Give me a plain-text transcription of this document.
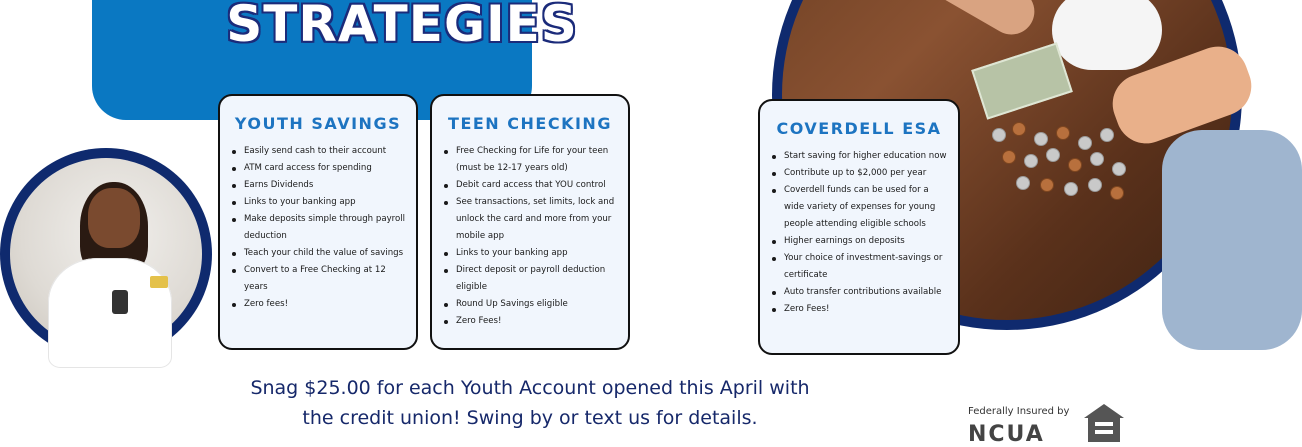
STRATEGIES
YOUTH SAVINGS
Easily send cash to their account
ATM card access for spending
Earns Dividends
Links to your banking app
Make deposits simple through payroll deduction
Teach your child the value of savings
Convert to a Free Checking at 12 years
Zero fees!
TEEN CHECKING
Free Checking for Life for your teen (must be 12-17 years old)
Debit card access that YOU control
See transactions, set limits, lock and unlock the card and more from your mobile app
Links to your banking app
Direct deposit or payroll deduction eligible
Round Up Savings eligible
Zero Fees!
COVERDELL ESA
Start saving for higher education now
Contribute up to $2,000 per year
Coverdell funds can be used for a wide variety of expenses for young people attending eligible schools
Higher earnings on deposits
Your choice of investment-savings or certificate
Auto transfer contributions available
Zero Fees!
Snag $25.00 for each Youth Account opened this April with
the credit union! Swing by or text us for details.	Federally Insured by
NCUA
